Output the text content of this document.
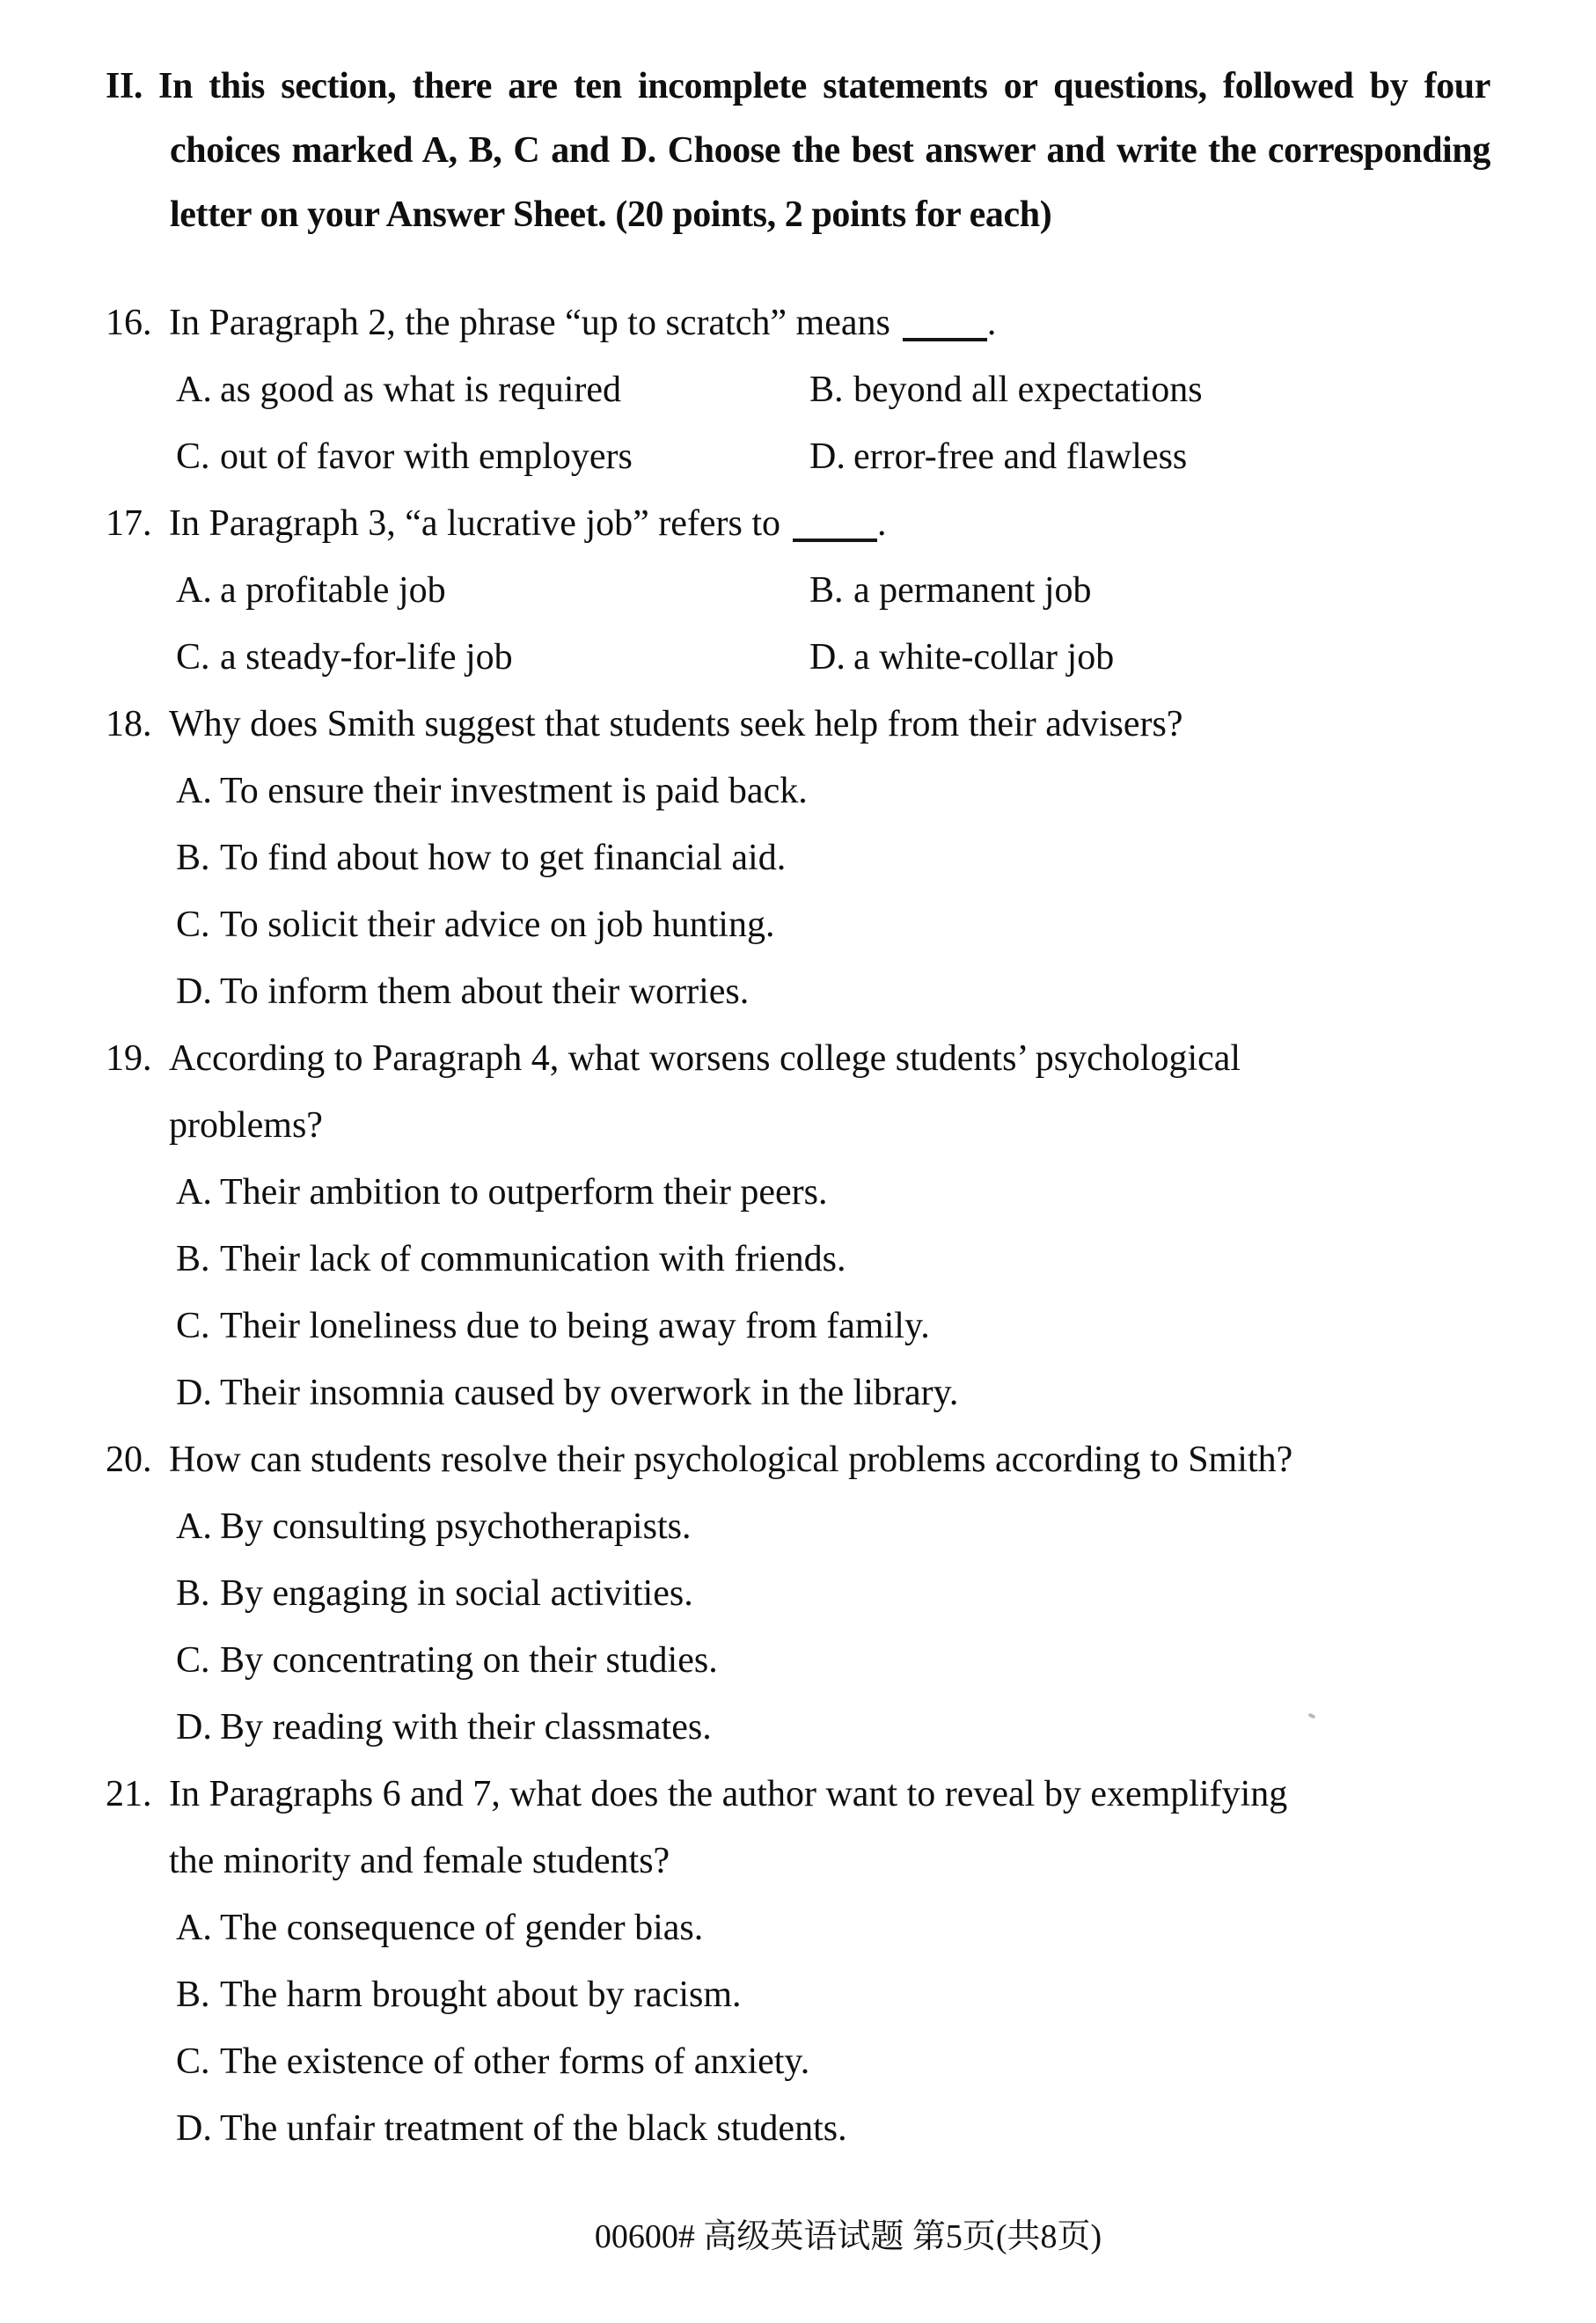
II. In this section, there are ten incomplete statements or questions, followed by four
choices marked A, B, C and D. Choose the best answer and write the corresponding
letter on your Answer Sheet. (20 points, 2 points for each)
16. In Paragraph 2, the phrase “up to scratch” means	.
A. as good as what is required	B. beyond all expectations
C. out of favor with employers	D. error-free and flawless
17. In Paragraph 3, “a lucrative job” refers to	.
A. a profitable job	B. a permanent job
C. a steady-for-life job	D. a white-collar job
18. Why does Smith suggest that students seek help from their advisers?
A. To ensure their investment is paid back.
B. To find about how to get financial aid.
C. To solicit their advice on job hunting.
D. To inform them about their worries.
19. According to Paragraph 4, what worsens college students’ psychological
problems?
A. Their ambition to outperform their peers.
B. Their lack of communication with friends.
C. Their loneliness due to being away from family.
D. Their insomnia caused by overwork in the library.
20. How can students resolve their psychological problems according to Smith?
A. By consulting psychotherapists.
B. By engaging in social activities.
C. By concentrating on their studies.
D. By reading with their classmates.
21. In Paragraphs 6 and 7, what does the author want to reveal by exemplifying
the minority and female students?
A. The consequence of gender bias.
B. The harm brought about by racism.
C. The existence of other forms of anxiety.
D. The unfair treatment of the black students.
00600# 高级英语试题 第5页(共8页)
